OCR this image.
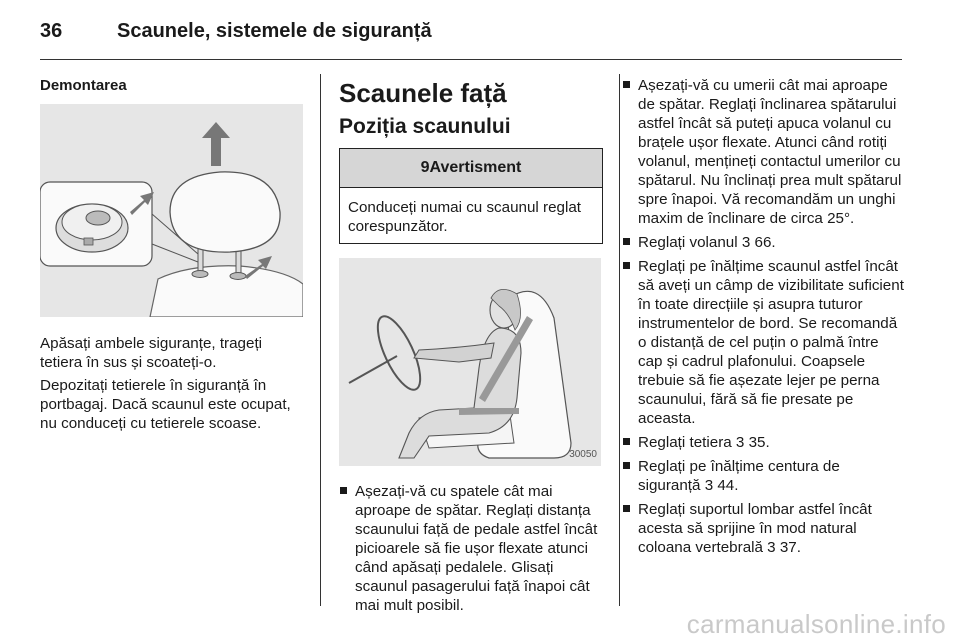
36	Scaunele, sistemele de siguranță
Demontarea

Apăsați ambele siguranțe, trageți tetiera în sus și scoateți-o.

Depozitați tetierele în siguranță în portbagaj. Dacă scaunul este ocupat, nu conduceți cu tetierele scoase.

Scaunele față
Poziția scaunului
9Avertisment
Conduceți numai cu scaunul reglat corespunzător.
30050
Așezați-vă cu spatele cât mai aproape de spătar. Reglați distanța scaunului față de pedale astfel încât picioarele să fie ușor flexate atunci când apăsați pedalele. Glisați scaunul pasagerului față înapoi cât mai mult posibil.
Așezați-vă cu umerii cât mai aproape de spătar. Reglați înclinarea spătarului astfel încât să puteți apuca volanul cu brațele ușor flexate. Atunci când rotiți volanul, mențineți contactul umerilor cu spătarul. Nu înclinați prea mult spătarul spre înapoi. Vă recomandăm un unghi maxim de înclinare de circa 25°.
Reglați volanul 3 66.
Reglați pe înălțime scaunul astfel încât să aveți un câmp de vizibilitate suficient în toate direcțiile și asupra tuturor instrumentelor de bord. Se recomandă o distanță de cel puțin o palmă între cap și cadrul plafonului. Coapsele trebuie să fie așezate lejer pe perna scaunului, fără să fie presate pe aceasta.
Reglați tetiera 3 35.
Reglați pe înălțime centura de siguranță 3 44.
Reglați suportul lombar astfel încât acesta să sprijine în mod natural coloana vertebrală 3 37.
carmanualsonline.info
